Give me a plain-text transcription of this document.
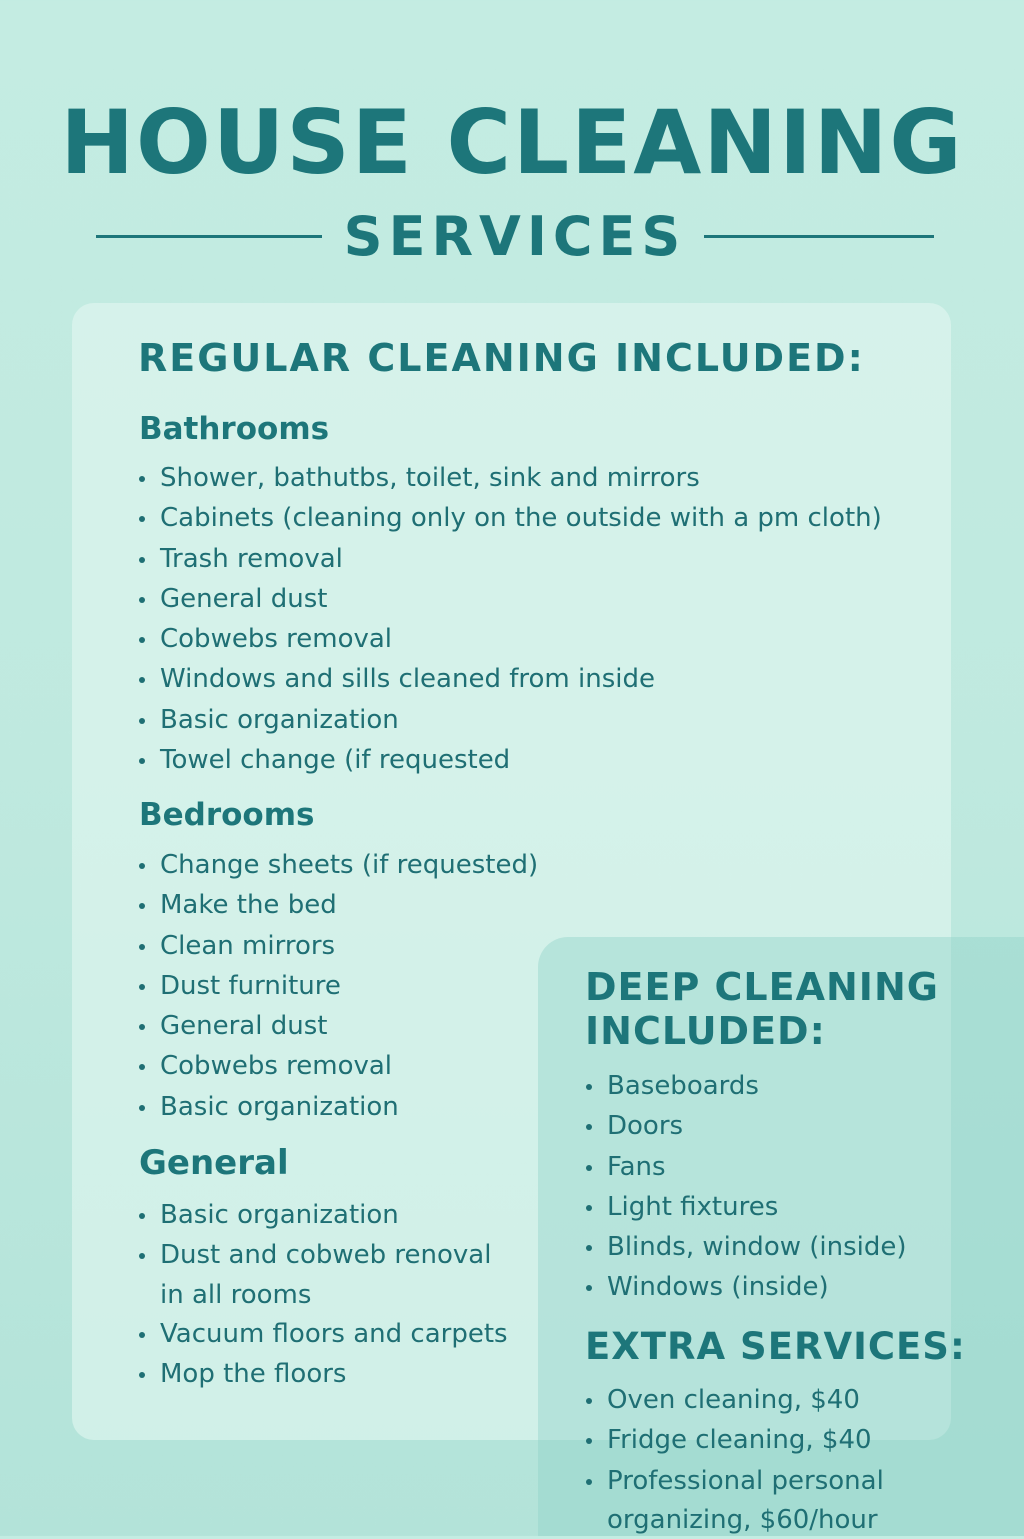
HOUSE CLEANING
SERVICES
REGULAR CLEANING INCLUDED:
Bathrooms
Shower, bathutbs, toilet, sink and mirrors
Cabinets (cleaning only on the outside with a pm cloth)
Trash removal
General dust
Cobwebs removal
Windows and sills cleaned from inside
Basic organization
Towel change (if requested
Bedrooms
Change sheets (if requested)
Make the bed
Clean mirrors
Dust furniture
General dust
Cobwebs removal
Basic organization
General
Basic organization
Dust and cobweb renoval
in all rooms
Vacuum floors and carpets
Mop the floors
DEEP CLEANING INCLUDED:
Baseboards
Doors
Fans
Light fixtures
Blinds, window (inside)
Windows (inside)
EXTRA SERVICES:
Oven cleaning, $40
Fridge cleaning, $40
Professional personal
organizing, $60/hour
